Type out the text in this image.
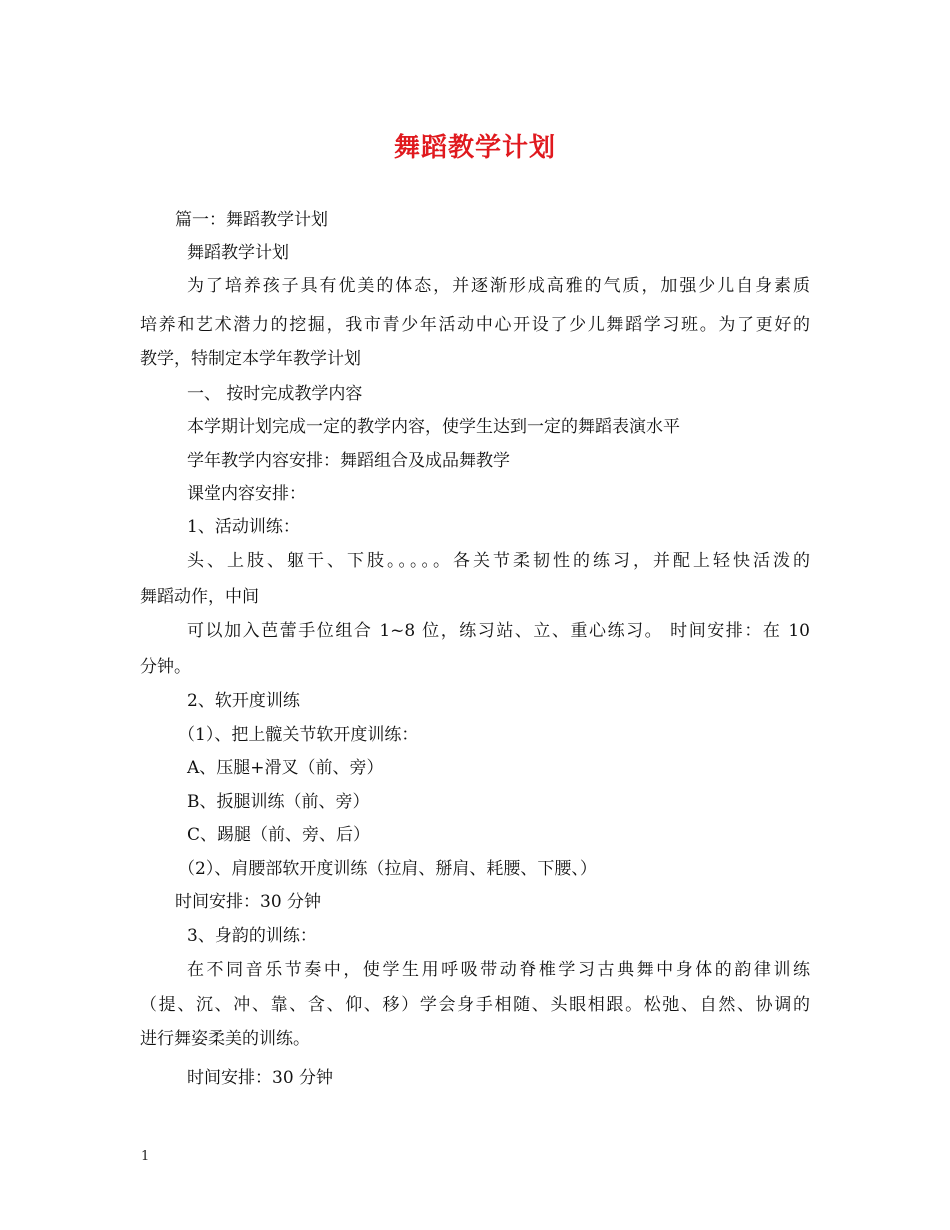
舞蹈教学计划
篇一：舞蹈教学计划
舞蹈教学计划
为了培养孩子具有优美的体态，并逐渐形成高雅的气质，加强少儿自身素质
培养和艺术潜力的挖掘，我市青少年活动中心开设了少儿舞蹈学习班。为了更好的
教学，特制定本学年教学计划
一、 按时完成教学内容
本学期计划完成一定的教学内容，使学生达到一定的舞蹈表演水平
学年教学内容安排：舞蹈组合及成品舞教学
课堂内容安排：
1、活动训练：
头、上肢、躯干、下肢。。。。。各关节柔韧性的练习，并配上轻快活泼的
舞蹈动作，中间
可以加入芭蕾手位组合 1~8 位，练习站、立、重心练习。 时间安排：在 10
分钟。
2、软开度训练
（1）、把上髋关节软开度训练：
A、压腿+滑叉（前、旁）
B、扳腿训练（前、旁）
C、踢腿（前、旁、后）
（2）、肩腰部软开度训练（拉肩、掰肩、耗腰、下腰、）
时间安排：30 分钟
3、身韵的训练：
在不同音乐节奏中，使学生用呼吸带动脊椎学习古典舞中身体的韵律训练
（提、沉、冲、靠、含、仰、移）学会身手相随、头眼相跟。松弛、自然、协调的
进行舞姿柔美的训练。
时间安排：30 分钟
1
